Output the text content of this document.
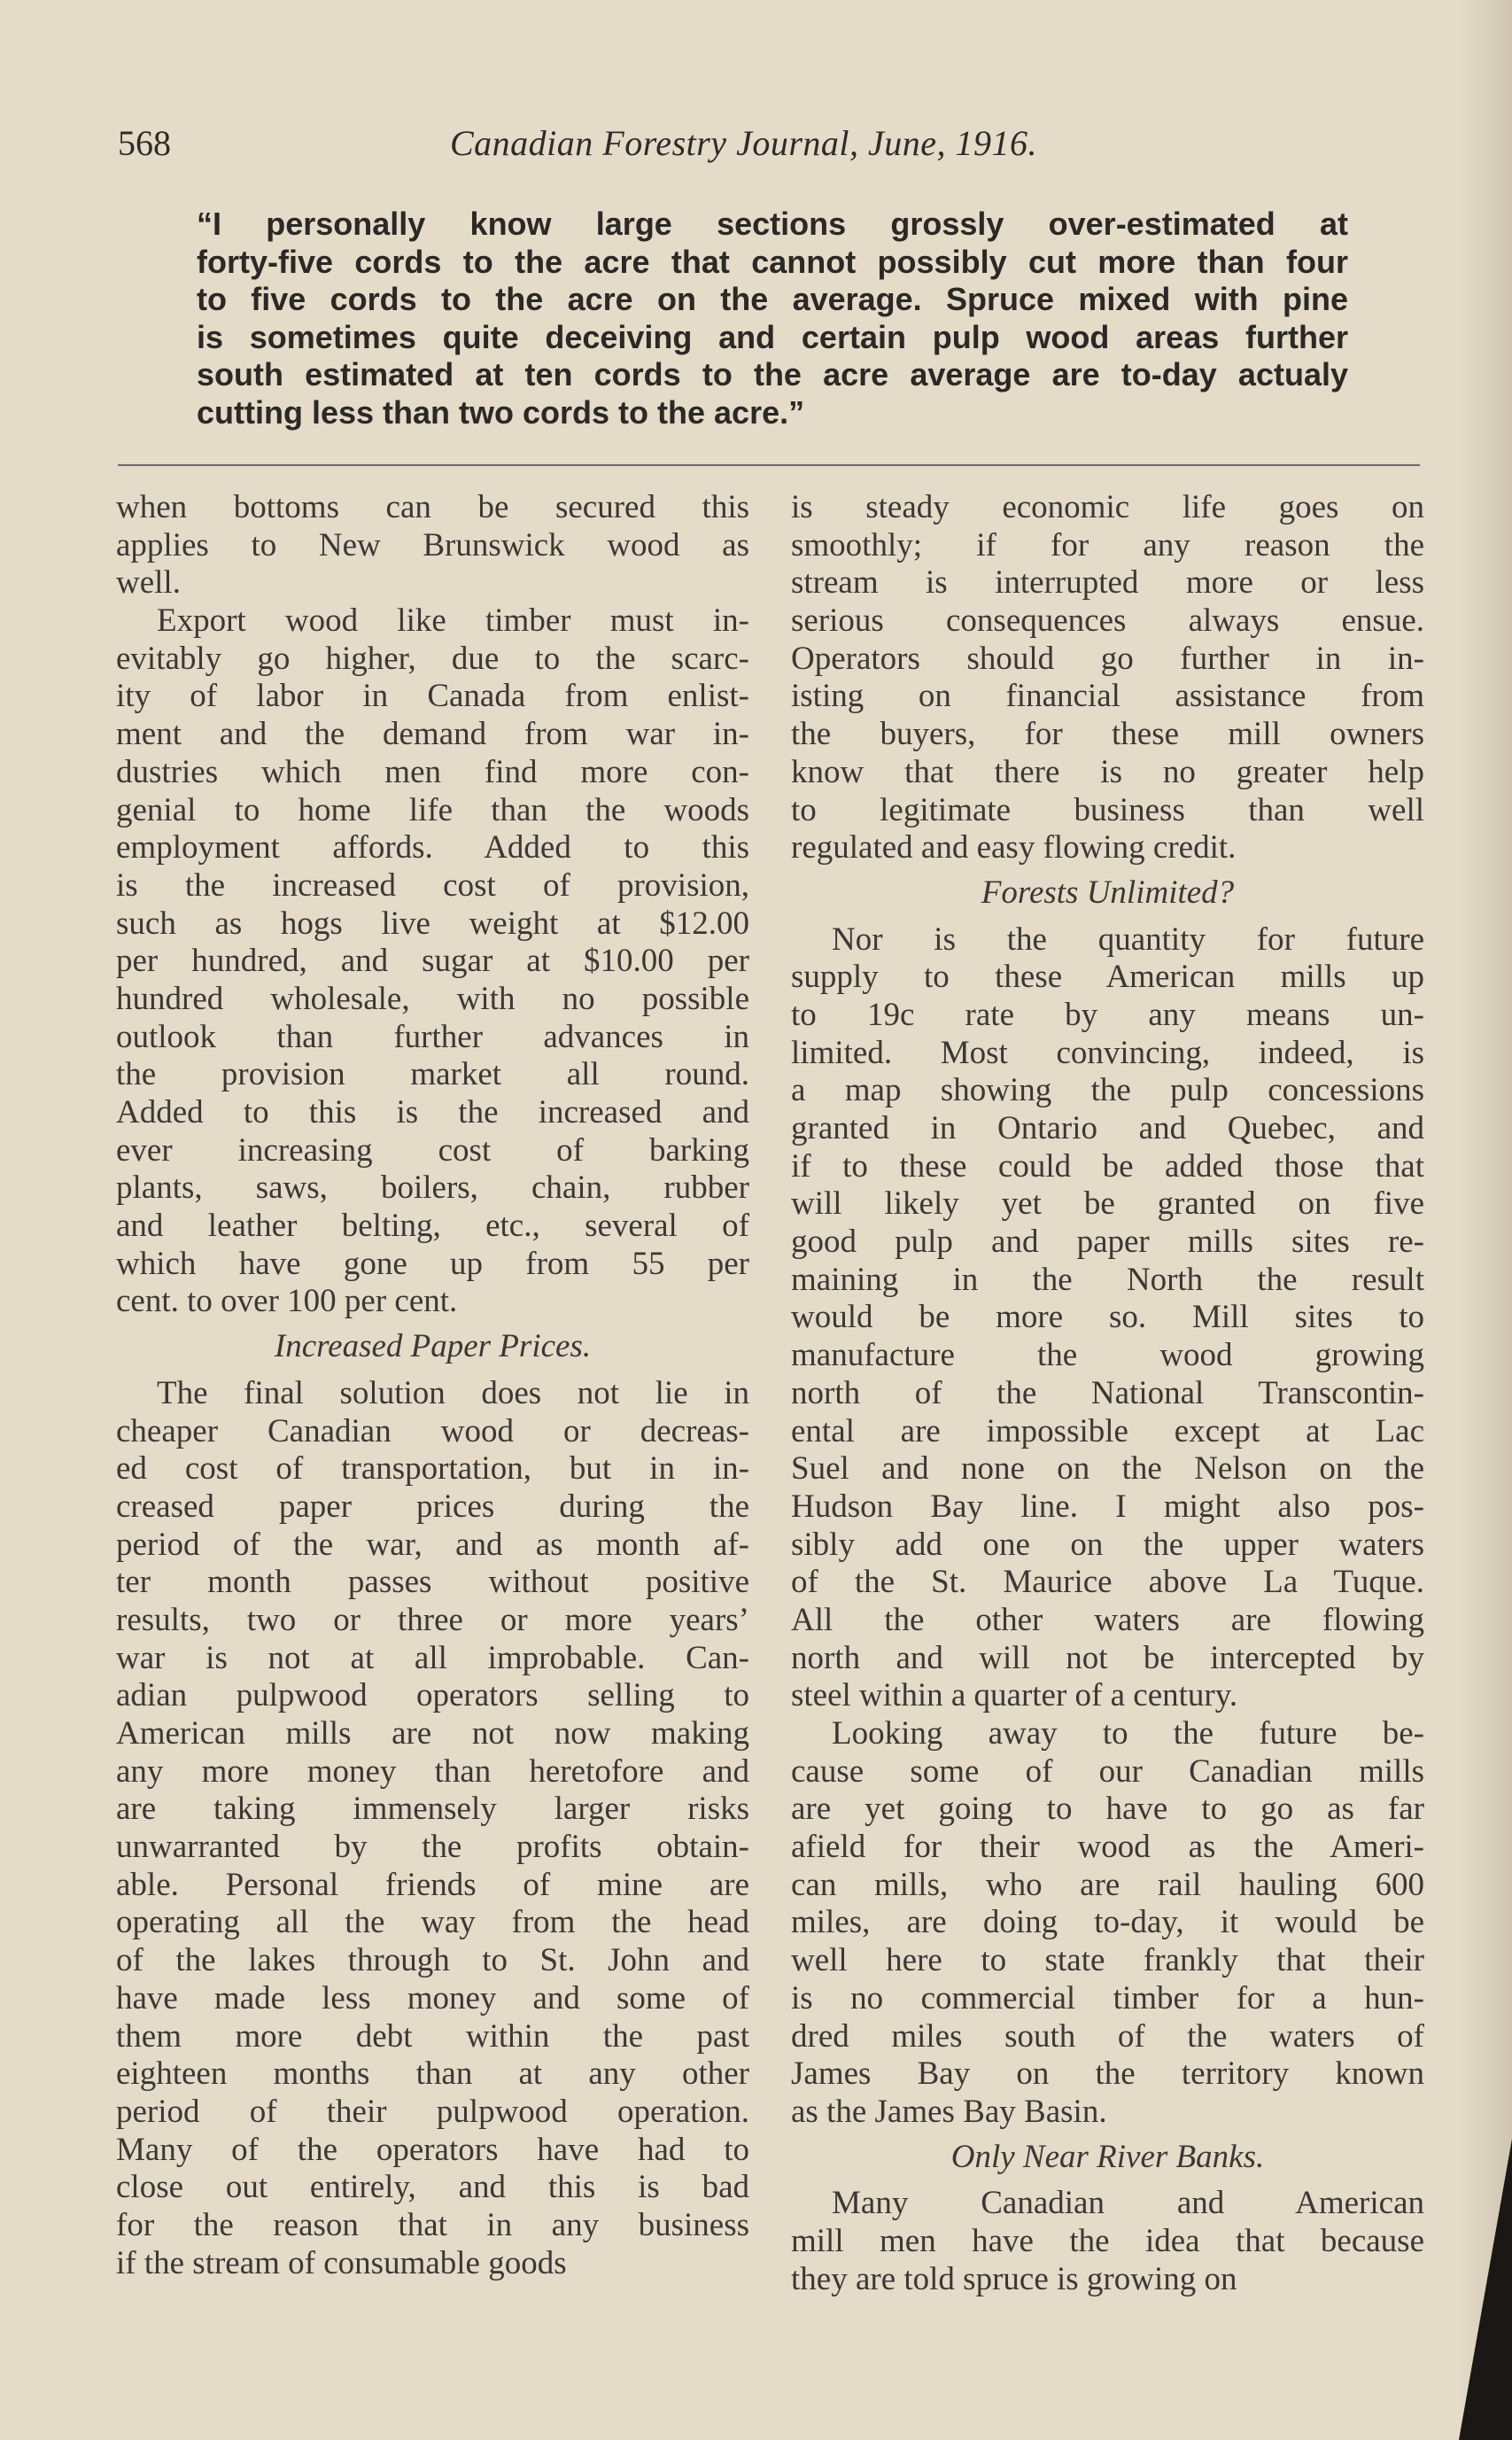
568	Canadian Forestry Journal, June, 1916.
“I personally know large sections grossly over-estimated at
forty-five cords to the acre that cannot possibly cut more than four
to five cords to the acre on the average. Spruce mixed with pine
is sometimes quite deceiving and certain pulp wood areas further
south estimated at ten cords to the acre average are to-day actualy
cutting less than two cords to the acre.”
when bottoms can be secured this
applies to New Brunswick wood as
well.
Export wood like timber must in-
evitably go higher, due to the scarc-
ity of labor in Canada from enlist-
ment and the demand from war in-
dustries which men find more con-
genial to home life than the woods
employment affords. Added to this
is the increased cost of provision,
such as hogs live weight at $12.00
per hundred, and sugar at $10.00 per
hundred wholesale, with no possible
outlook than further advances in
the provision market all round.
Added to this is the increased and
ever increasing cost of barking
plants, saws, boilers, chain, rubber
and leather belting, etc., several of
which have gone up from 55 per
cent. to over 100 per cent.
Increased Paper Prices.
The final solution does not lie in
cheaper Canadian wood or decreas-
ed cost of transportation, but in in-
creased paper prices during the
period of the war, and as month af-
ter month passes without positive
results, two or three or more years’
war is not at all improbable. Can-
adian pulpwood operators selling to
American mills are not now making
any more money than heretofore and
are taking immensely larger risks
unwarranted by the profits obtain-
able. Personal friends of mine are
operating all the way from the head
of the lakes through to St. John and
have made less money and some of
them more debt within the past
eighteen months than at any other
period of their pulpwood operation.
Many of the operators have had to
close out entirely, and this is bad
for the reason that in any business
if the stream of consumable goods
is steady economic life goes on
smoothly; if for any reason the
stream is interrupted more or less
serious consequences always ensue.
Operators should go further in in-
isting on financial assistance from
the buyers, for these mill owners
know that there is no greater help
to legitimate business than well
regulated and easy flowing credit.
Forests Unlimited?
Nor is the quantity for future
supply to these American mills up
to 19c rate by any means un-
limited. Most convincing, indeed, is
a map showing the pulp concessions
granted in Ontario and Quebec, and
if to these could be added those that
will likely yet be granted on five
good pulp and paper mills sites re-
maining in the North the result
would be more so. Mill sites to
manufacture the wood growing
north of the National Transcontin-
ental are impossible except at Lac
Suel and none on the Nelson on the
Hudson Bay line. I might also pos-
sibly add one on the upper waters
of the St. Maurice above La Tuque.
All the other waters are flowing
north and will not be intercepted by
steel within a quarter of a century.
Looking away to the future be-
cause some of our Canadian mills
are yet going to have to go as far
afield for their wood as the Ameri-
can mills, who are rail hauling 600
miles, are doing to-day, it would be
well here to state frankly that their
is no commercial timber for a hun-
dred miles south of the waters of
James Bay on the territory known
as the James Bay Basin.
Only Near River Banks.
Many Canadian and American
mill men have the idea that because
they are told spruce is growing on
